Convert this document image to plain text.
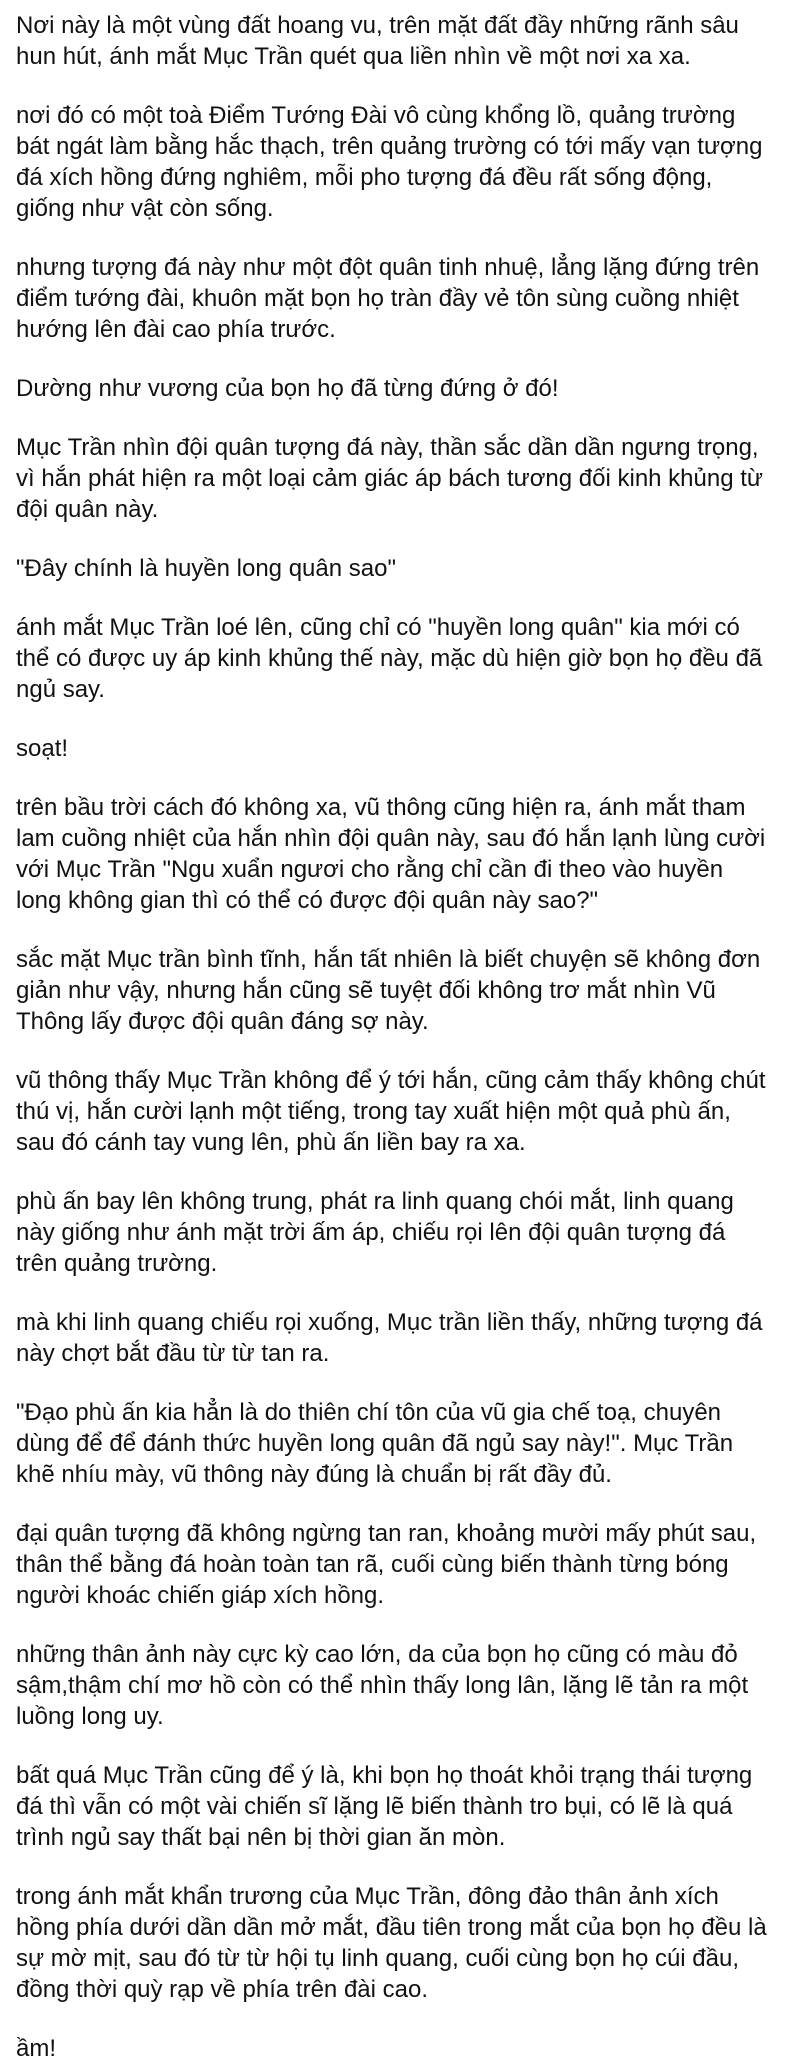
Nơi này là một vùng đất hoang vu, trên mặt đất đầy những rãnh sâu hun hút, ánh mắt Mục Trần quét qua liền nhìn về một nơi xa xa.

nơi đó có một toà Điểm Tướng Đài vô cùng khổng lồ, quảng trường bát ngát làm bằng hắc thạch, trên quảng trường có tới mấy vạn tượng đá xích hồng đứng nghiêm, mỗi pho tượng đá đều rất sống động, giống như vật còn sống.

nhưng tượng đá này như một đột quân tinh nhuệ, lẳng lặng đứng trên điểm tướng đài, khuôn mặt bọn họ tràn đầy vẻ tôn sùng cuồng nhiệt hướng lên đài cao phía trước.

Dường như vương của bọn họ đã từng đứng ở đó!

Mục Trần nhìn đội quân tượng đá này, thần sắc dần dần ngưng trọng, vì hắn phát hiện ra một loại cảm giác áp bách tương đối kinh khủng từ đội quân này.

"Đây chính là huyền long quân sao"

ánh mắt Mục Trần loé lên, cũng chỉ có "huyền long quân" kia mới có thể có được uy áp kinh khủng thế này, mặc dù hiện giờ bọn họ đều đã ngủ say.

soạt!

trên bầu trời cách đó không xa, vũ thông cũng hiện ra, ánh mắt tham lam cuồng nhiệt của hắn nhìn đội quân này, sau đó hắn lạnh lùng cười với Mục Trần "Ngu xuẩn ngươi cho rằng chỉ cần đi theo vào huyền long không gian thì có thể có được đội quân này sao?"

sắc mặt Mục trần bình tĩnh, hắn tất nhiên là biết chuyện sẽ không đơn giản như vậy, nhưng hắn cũng sẽ tuyệt đối không trơ mắt nhìn Vũ Thông lấy được đội quân đáng sợ này.

vũ thông thấy Mục Trần không để ý tới hắn, cũng cảm thấy không chút thú vị, hắn cười lạnh một tiếng, trong tay xuất hiện một quả phù ấn, sau đó cánh tay vung lên, phù ấn liền bay ra xa.

phù ấn bay lên không trung, phát ra linh quang chói mắt, linh quang này giống như ánh mặt trời ấm áp, chiếu rọi lên đội quân tượng đá trên quảng trường.

mà khi linh quang chiếu rọi xuống, Mục trần liền thấy, những tượng đá này chợt bắt đầu từ từ tan ra.

"Đạo phù ấn kia hẳn là do thiên chí tôn của vũ gia chế toạ, chuyên dùng để để đánh thức huyền long quân đã ngủ say này!". Mục Trần khẽ nhíu mày, vũ thông này đúng là chuẩn bị rất đầy đủ.

đại quân tượng đã không ngừng tan ran, khoảng mười mấy phút sau, thân thể bằng đá hoàn toàn tan rã, cuối cùng biến thành từng bóng người khoác chiến giáp xích hồng.

những thân ảnh này cực kỳ cao lớn, da của bọn họ cũng có màu đỏ sậm,thậm chí mơ hồ còn có thể nhìn thấy long lân, lặng lẽ tản ra một luồng long uy.

bất quá Mục Trần cũng để ý là, khi bọn họ thoát khỏi trạng thái tượng đá thì vẫn có một vài chiến sĩ lặng lẽ biến thành tro bụi, có lẽ là quá trình ngủ say thất bại nên bị thời gian ăn mòn.

trong ánh mắt khẩn trương của Mục Trần, đông đảo thân ảnh xích hồng phía dưới dần dần mở mắt, đầu tiên trong mắt của bọn họ đều là sự mờ mịt, sau đó từ từ hội tụ linh quang, cuối cùng bọn họ cúi đầu, đồng thời quỳ rạp về phía trên đài cao.

ầm!
